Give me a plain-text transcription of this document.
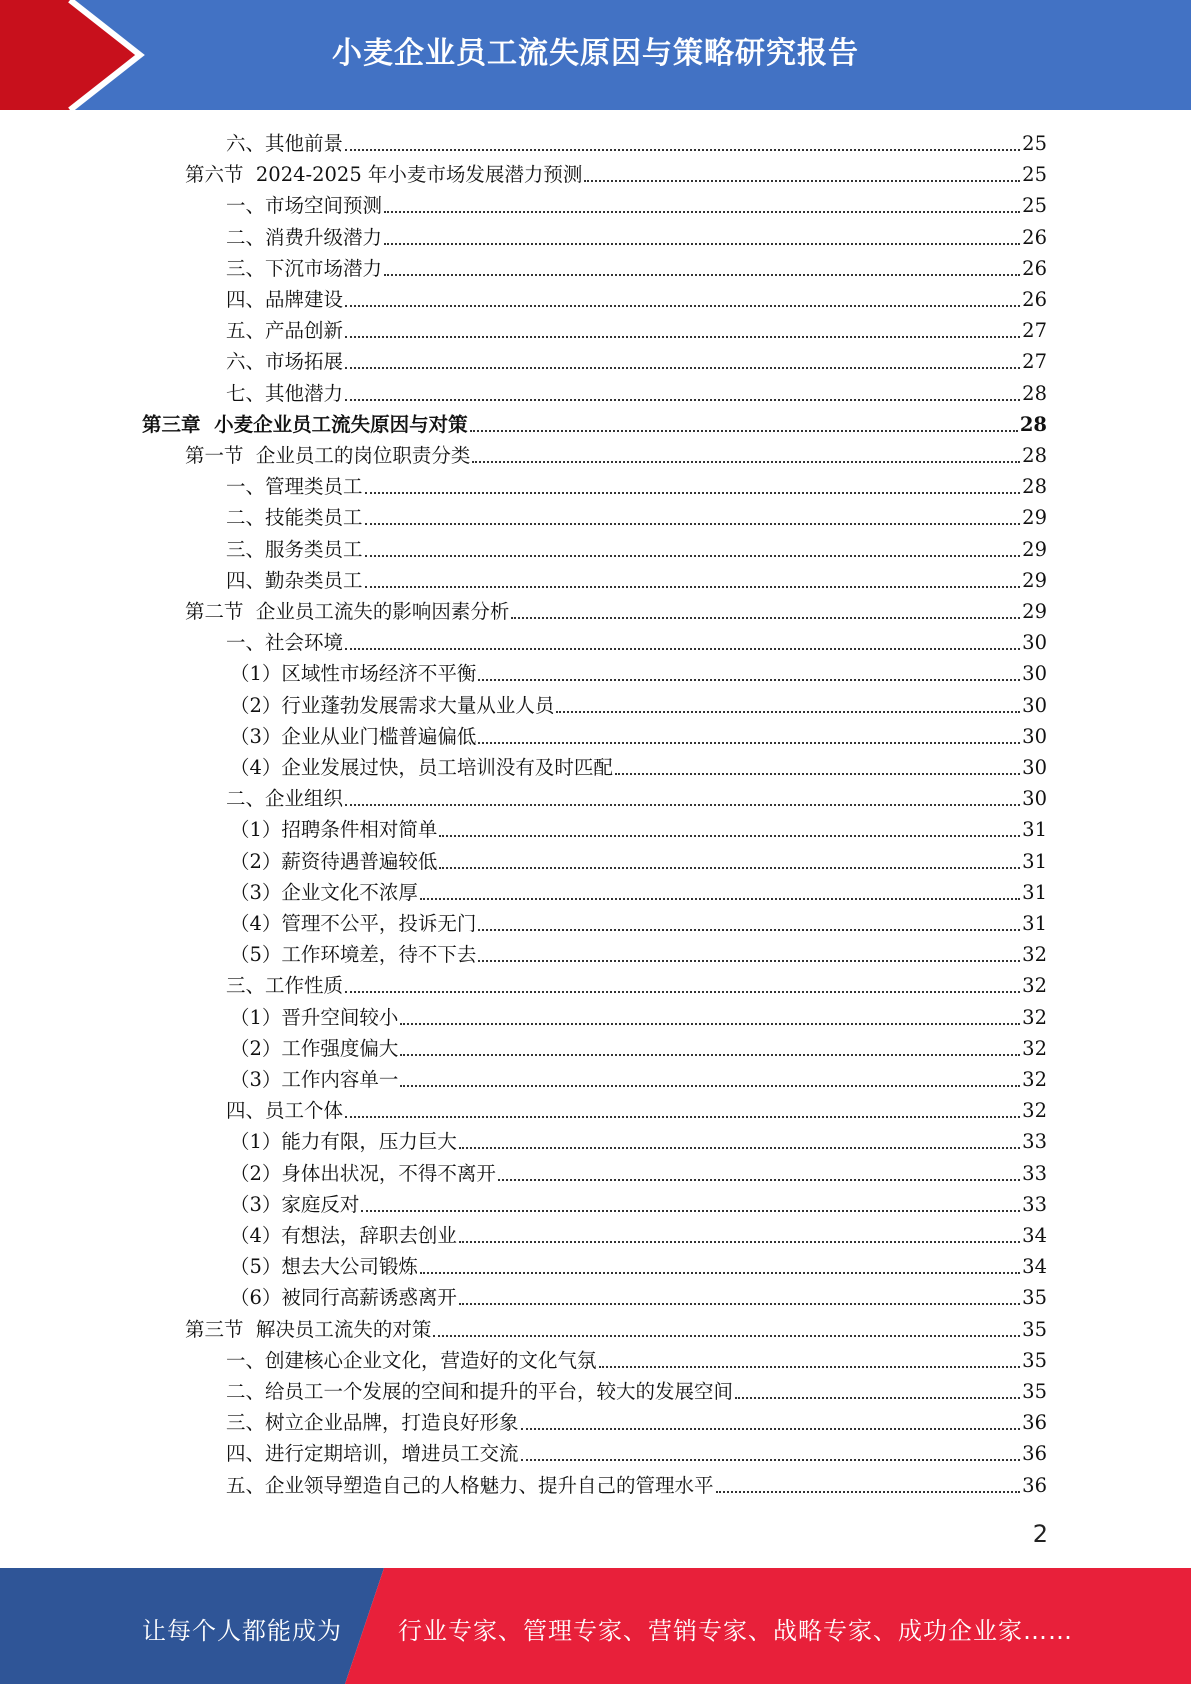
小麦企业员工流失原因与策略研究报告
六、其他前景	25
第六节  2024-2025 年小麦市场发展潜力预测	25
一、市场空间预测	25
二、消费升级潜力	26
三、下沉市场潜力	26
四、品牌建设	26
五、产品创新	27
六、市场拓展	27
七、其他潜力	28
第三章  小麦企业员工流失原因与对策	28
第一节  企业员工的岗位职责分类	28
一、管理类员工	28
二、技能类员工	29
三、服务类员工	29
四、勤杂类员工	29
第二节  企业员工流失的影响因素分析	29
一、社会环境	30
（1）区域性市场经济不平衡	30
（2）行业蓬勃发展需求大量从业人员	30
（3）企业从业门槛普遍偏低	30
（4）企业发展过快，员工培训没有及时匹配	30
二、企业组织	30
（1）招聘条件相对简单	31
（2）薪资待遇普遍较低	31
（3）企业文化不浓厚	31
（4）管理不公平，投诉无门	31
（5）工作环境差，待不下去	32
三、工作性质	32
（1）晋升空间较小	32
（2）工作强度偏大	32
（3）工作内容单一	32
四、员工个体	32
（1）能力有限，压力巨大	33
（2）身体出状况，不得不离开	33
（3）家庭反对	33
（4）有想法，辞职去创业	34
（5）想去大公司锻炼	34
（6）被同行高薪诱惑离开	35
第三节  解决员工流失的对策	35
一、创建核心企业文化，营造好的文化气氛	35
二、给员工一个发展的空间和提升的平台，较大的发展空间	35
三、树立企业品牌，打造良好形象	36
四、进行定期培训，增进员工交流	36
五、企业领导塑造自己的人格魅力、提升自己的管理水平	36
2
让每个人都能成为 行业专家、管理专家、营销专家、战略专家、成功企业家……
